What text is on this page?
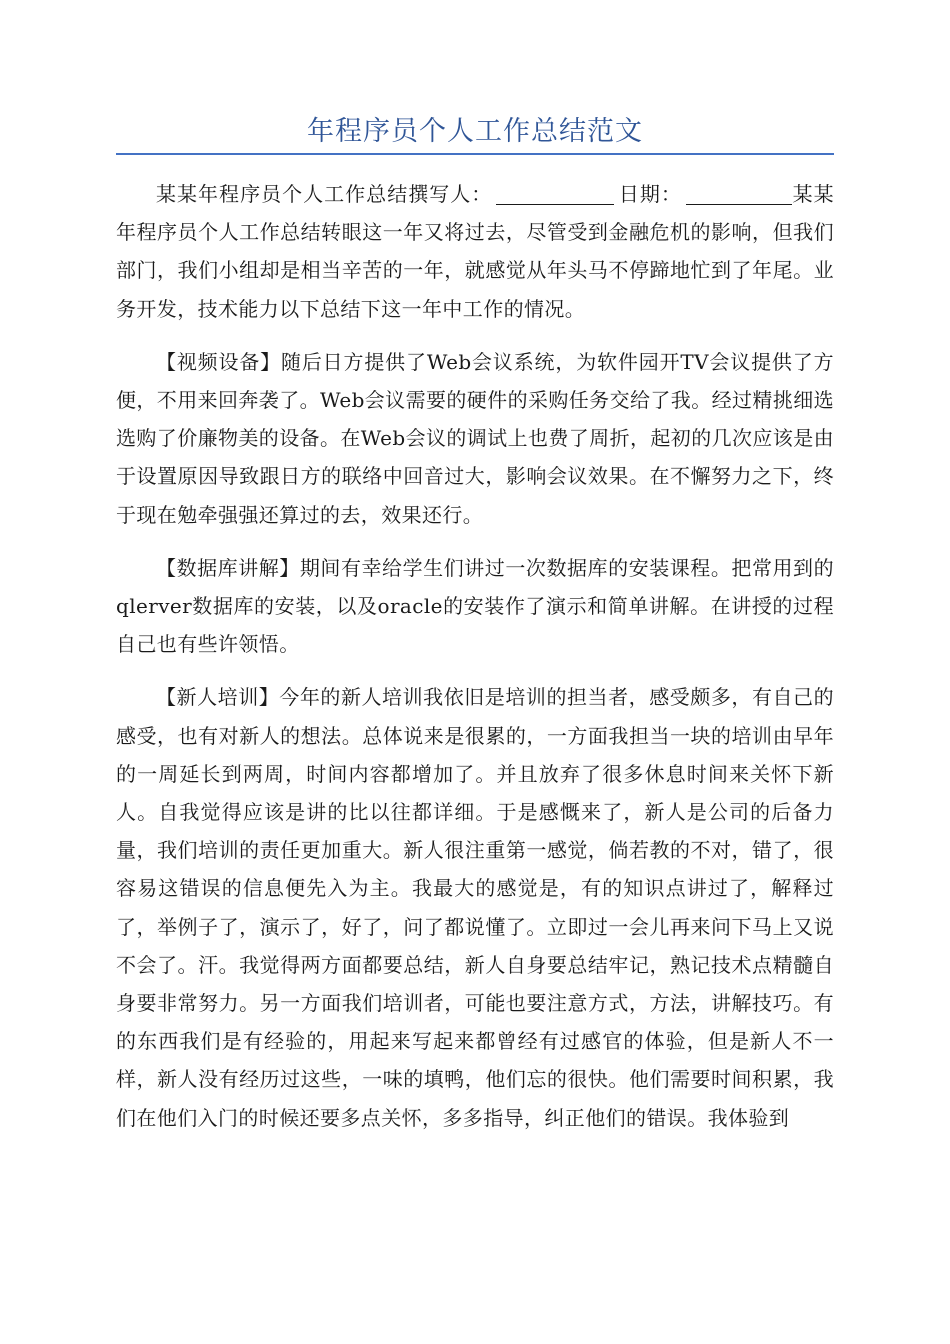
年程序员个人工作总结范文

某某年程序员个人工作总结撰写人：	日期：	某某年程序员个人工作总结转眼这一年又将过去，尽管受到金融危机的影响，但我们部门，我们小组却是相当辛苦的一年，就感觉从年头马不停蹄地忙到了年尾。业务开发，技术能力以下总结下这一年中工作的情况。

【视频设备】随后日方提供了Web会议系统，为软件园开TV会议提供了方便，不用来回奔袭了。Web会议需要的硬件的采购任务交给了我。经过精挑细选选购了价廉物美的设备。在Web会议的调试上也费了周折，起初的几次应该是由于设置原因导致跟日方的联络中回音过大，影响会议效果。在不懈努力之下，终于现在勉牵强强还算过的去，效果还行。

【数据库讲解】期间有幸给学生们讲过一次数据库的安装课程。把常用到的qlerver数据库的安装，以及oracle的安装作了演示和简单讲解。在讲授的过程自己也有些许领悟。

【新人培训】今年的新人培训我依旧是培训的担当者，感受颇多，有自己的感受，也有对新人的想法。总体说来是很累的，一方面我担当一块的培训由早年的一周延长到两周，时间内容都增加了。并且放弃了很多休息时间来关怀下新人。自我觉得应该是讲的比以往都详细。于是感慨来了，新人是公司的后备力量，我们培训的责任更加重大。新人很注重第一感觉，倘若教的不对，错了，很容易这错误的信息便先入为主。我最大的感觉是，有的知识点讲过了，解释过了，举例子了，演示了，好了，问了都说懂了。立即过一会儿再来问下马上又说不会了。汗。我觉得两方面都要总结，新人自身要总结牢记，熟记技术点精髓自身要非常努力。另一方面我们培训者，可能也要注意方式，方法，讲解技巧。有的东西我们是有经验的，用起来写起来都曾经有过感官的体验，但是新人不一样，新人没有经历过这些，一味的填鸭，他们忘的很快。他们需要时间积累，我们在他们入门的时候还要多点关怀，多多指导，纠正他们的错误。我体验到
